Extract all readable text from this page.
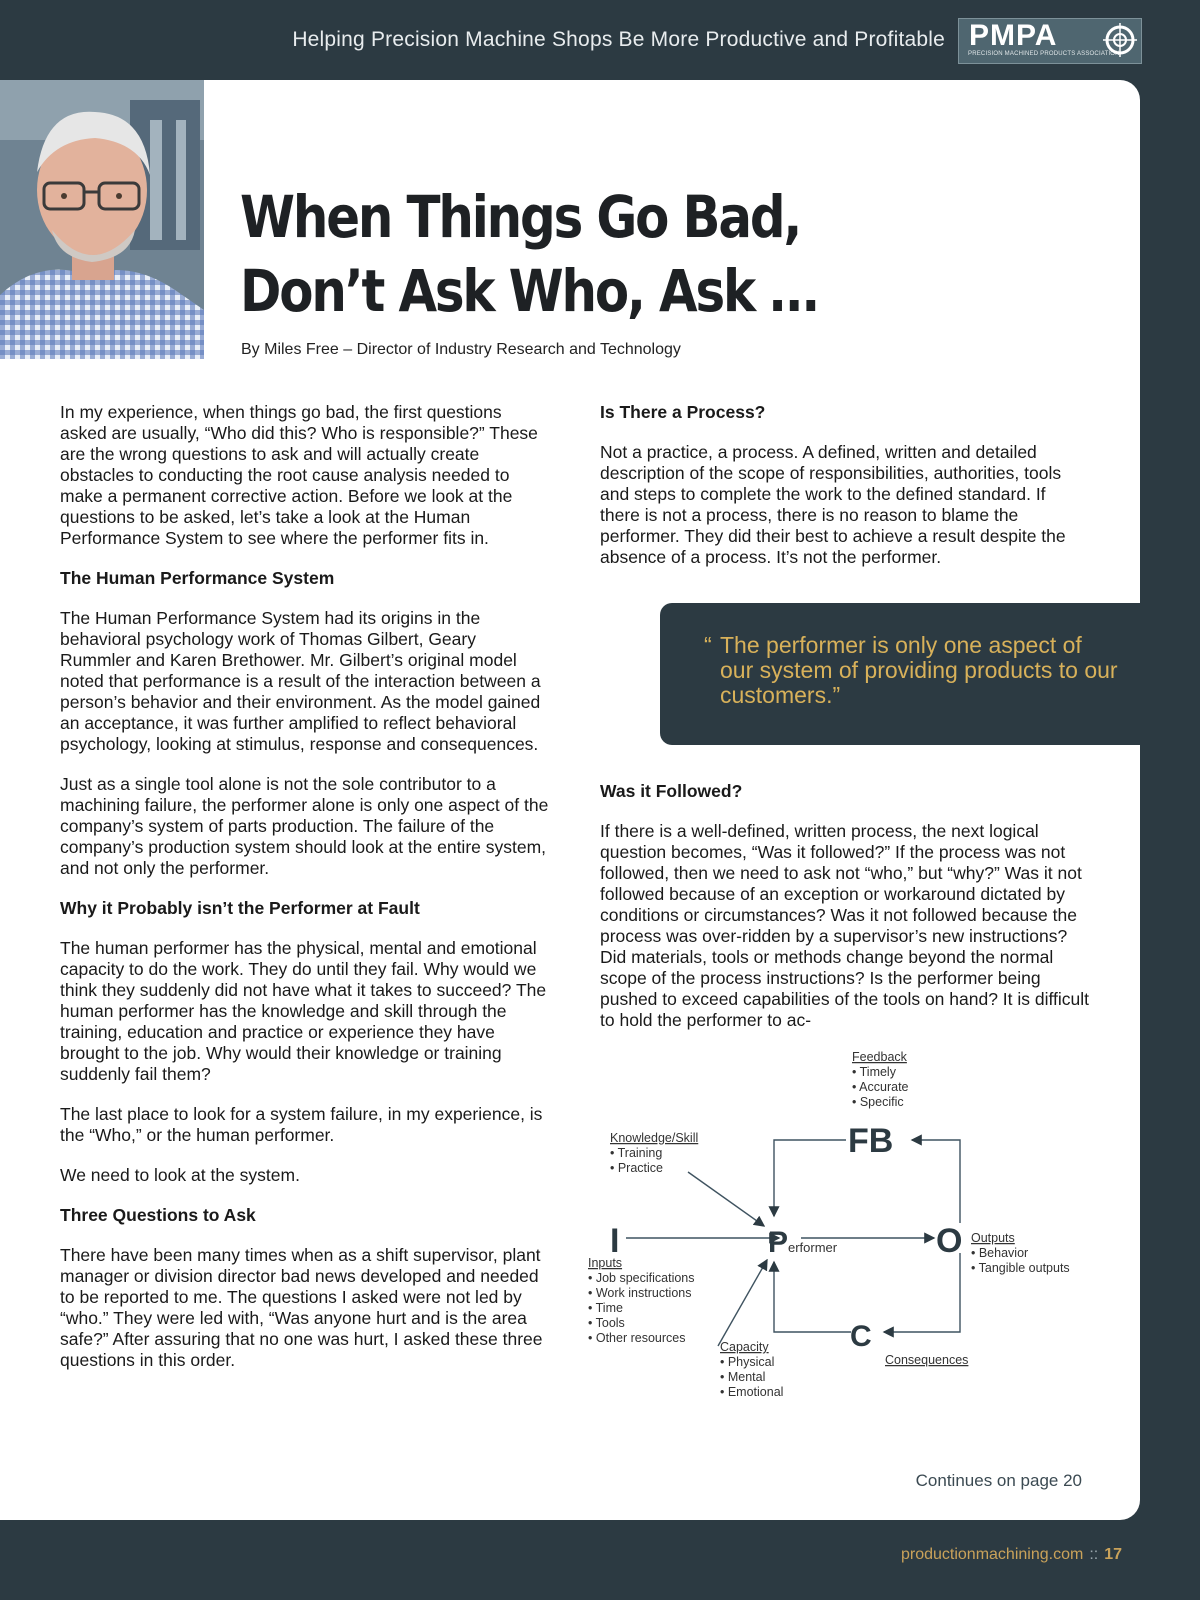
Helping Precision Machine Shops Be More Productive and Profitable PMPA
PRECISION MACHINED PRODUCTS ASSOCIATION
When Things Go Bad,
Don’t Ask Who, Ask …
By Miles Free – Director of Industry Research and Technology

In my experience, when things go bad, the first questions asked are usually, “Who did this? Who is responsible?” These are the wrong questions to ask and will actually create obstacles to conducting the root cause analysis needed to make a permanent corrective action. Before we look at the questions to be asked, let’s take a look at the Human Performance System to see where the performer fits in.

The Human Performance System

The Human Performance System had its origins in the behavioral psychology work of Thomas Gilbert, Geary Rummler and Karen Brethower. Mr. Gilbert’s original model noted that performance is a result of the interaction between a person’s behavior and their environment. As the model gained an acceptance, it was further amplified to reflect behavioral psychology, looking at stimulus, response and consequences.

Just as a single tool alone is not the sole contributor to a machining failure, the performer alone is only one aspect of the company’s system of parts production. The failure of the company’s production system should look at the entire system, and not only the performer.

Why it Probably isn’t the Performer at Fault

The human performer has the physical, mental and emotional capacity to do the work. They do until they fail. Why would we think they suddenly did not have what it takes to succeed? The human performer has the knowledge and skill through the training, education and practice or experience they have brought to the job. Why would their knowledge or training suddenly fail them?

The last place to look for a system failure, in my experience, is the “Who,” or the human performer.

We need to look at the system.

Three Questions to Ask

There have been many times when as a shift supervisor, plant manager or division director bad news developed and needed to be reported to me. The questions I asked were not led by “who.” They were led with, “Was anyone hurt and is the area safe?” After assuring that no one was hurt, I asked these three questions in this order.

Is There a Process?

Not a practice, a process. A defined, written and detailed description of the scope of responsibilities, authorities, tools and steps to complete the work to the defined standard. If there is not a process, there is no reason to blame the performer. They did their best to achieve a result despite the absence of a process. It’s not the performer.

“ The performer is only one aspect of our system of providing products to our customers.”
Was it Followed?

If there is a well-defined, written process, the next logical question becomes, “Was it followed?” If the process was not followed, then we need to ask not “who,” but “why?” Was it not followed because of an exception or workaround dictated by conditions or circumstances? Was it not followed because the process was over-ridden by a supervisor’s new instructions? Did materials, tools or methods change beyond the normal scope of the process instructions? Is the performer being pushed to exceed capabilities of the tools on hand? It is difficult to hold the performer to ac-

Feedback
• Timely
• Accurate
• Specific
FB
Knowledge/Skill
• Training
• Practice
I
Inputs
• Job specifications
• Work instructions
• Time
• Tools
• Other resources
P erformer	O Outputs
• Behavior
• Tangible outputs
C
Consequences
Capacity
• Physical
• Mental
• Emotional
Continues on page 20
productionmachining.com :: 17
